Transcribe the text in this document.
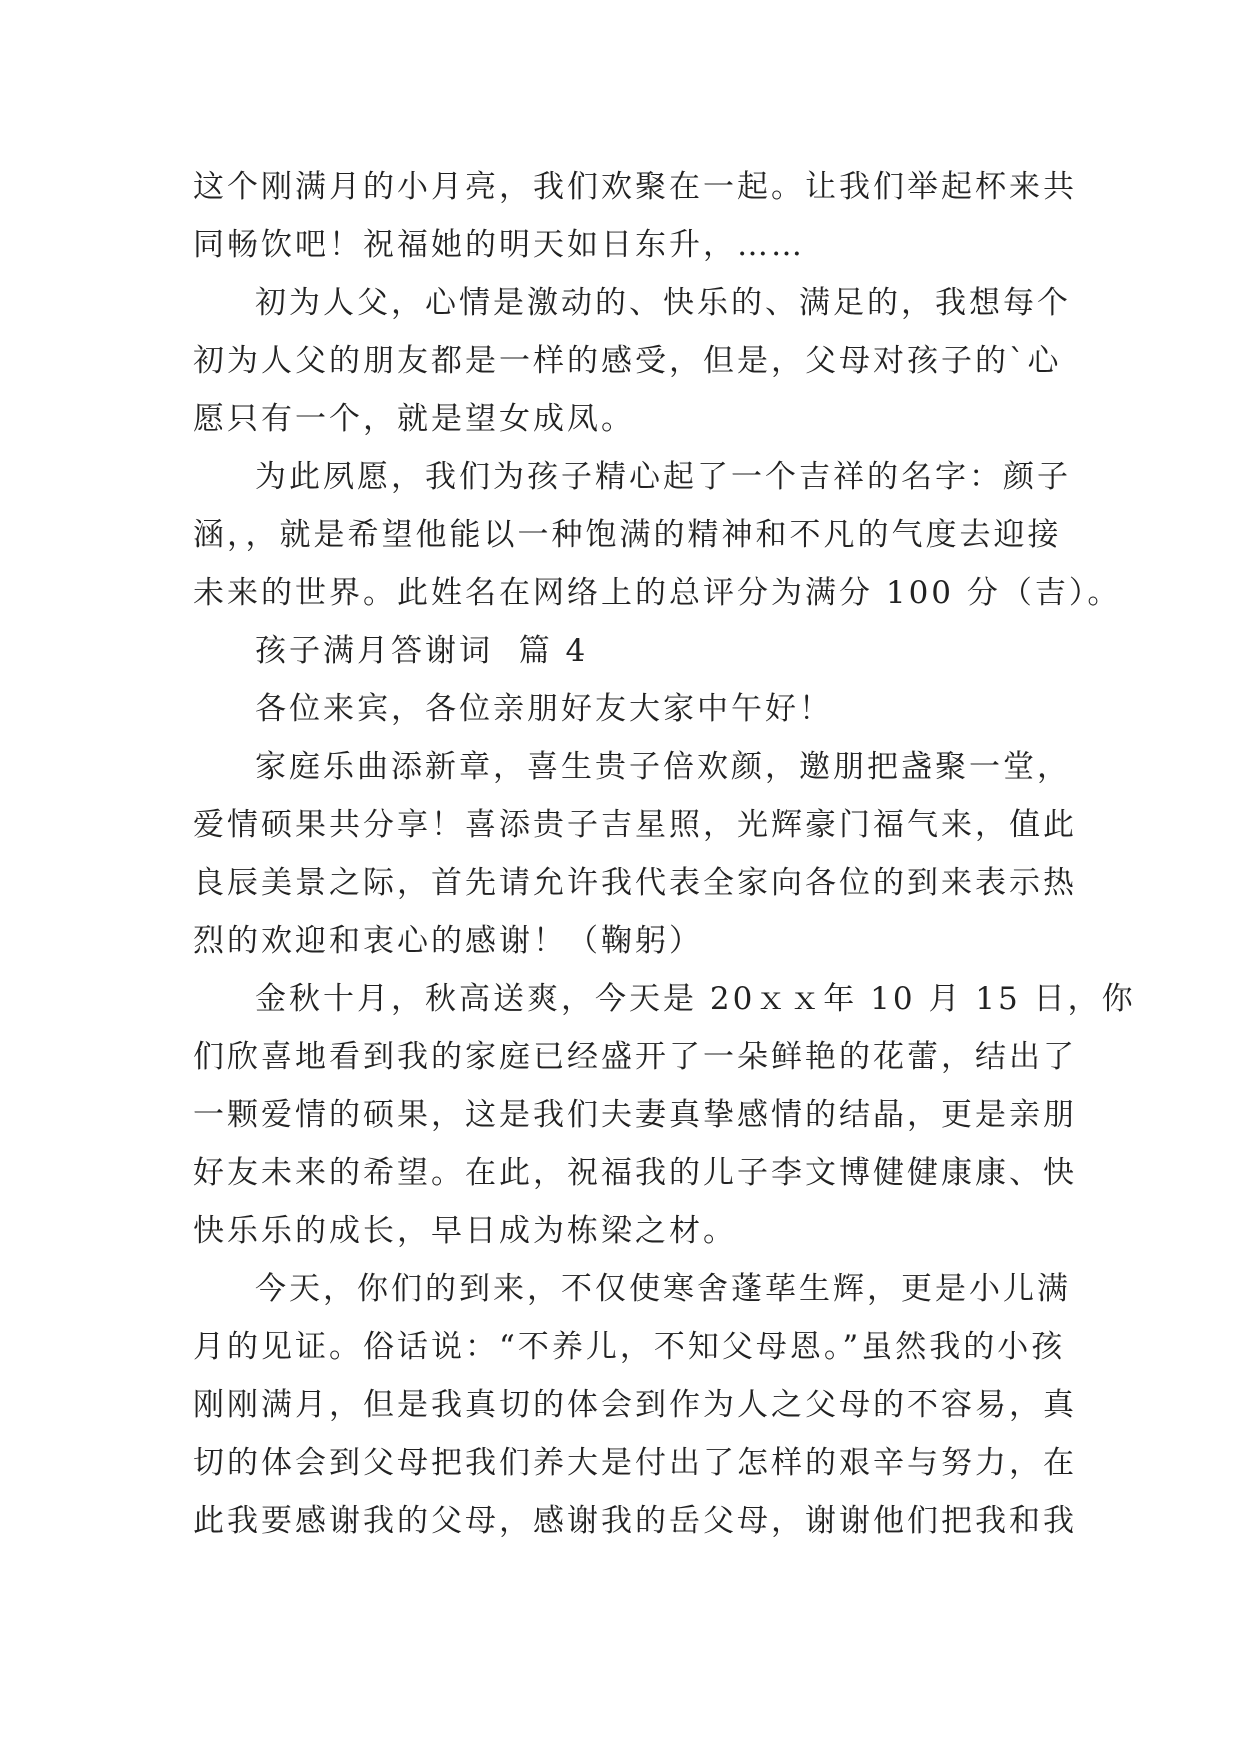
这个刚满月的小月亮，我们欢聚在一起。让我们举起杯来共
同畅饮吧！祝福她的明天如日东升，……

初为人父，心情是激动的、快乐的、满足的，我想每个
初为人父的朋友都是一样的感受，但是，父母对孩子的`心
愿只有一个，就是望女成凤。

为此夙愿，我们为孩子精心起了一个吉祥的名字：颜子
涵，，就是希望他能以一种饱满的精神和不凡的气度去迎接
未来的世界。此姓名在网络上的总评分为满分 100 分（吉）。

孩子满月答谢词  篇 4

各位来宾，各位亲朋好友大家中午好！

家庭乐曲添新章，喜生贵子倍欢颜，邀朋把盏聚一堂，
爱情硕果共分享！喜添贵子吉星照，光辉豪门福气来，值此
良辰美景之际，首先请允许我代表全家向各位的到来表示热
烈的欢迎和衷心的感谢！（鞠躬）

金秋十月，秋高送爽，今天是 20ｘｘ年 10 月 15 日，你
们欣喜地看到我的家庭已经盛开了一朵鲜艳的花蕾，结出了
一颗爱情的硕果，这是我们夫妻真挚感情的结晶，更是亲朋
好友未来的希望。在此，祝福我的儿子李文博健健康康、快
快乐乐的成长，早日成为栋梁之材。

今天，你们的到来，不仅使寒舍蓬荜生辉，更是小儿满
月的见证。俗话说：“不养儿，不知父母恩。”虽然我的小孩
刚刚满月，但是我真切的体会到作为人之父母的不容易，真
切的体会到父母把我们养大是付出了怎样的艰辛与努力，在
此我要感谢我的父母，感谢我的岳父母，谢谢他们把我和我
